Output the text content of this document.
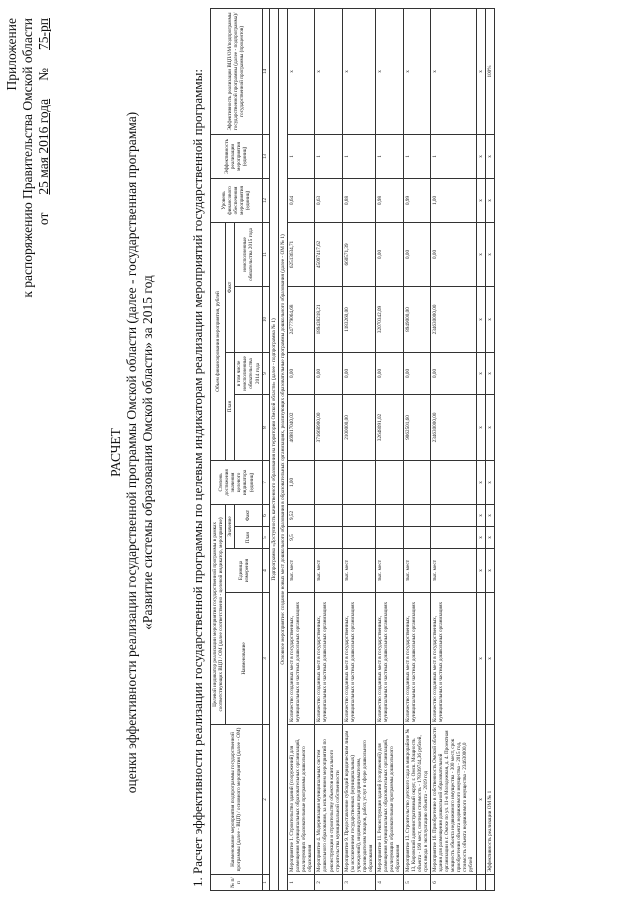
Приложение к распоряжению Правительства Омской области от
25 мая 2016 года
№
75-рп
РАСЧЕТ оценки эффективности реализации государственной программы Омской области (далее - государственная программа) «Развитие системы образования Омской области» за 2015 год	1. Расчет эффективности реализации государственной программы по целевым индикаторам реализации мероприятий государственной программы:	№ п/п	Наименование мероприятия подпрограммы государственной программы (далее - ВЦП) / основного мероприятия (далее - ОМ)	Целевой индикатор реализации мероприятия государственной программы в рамках соответствующих ВЦП / ОМ (далее соответственно - целевой индикатор, мероприятие)				Степень достижения значения целевого индикатора (единиц)	Объем финансирования мероприятия, рублей				Уровень финансового обеспечения мероприятия (единиц)	Эффективность реализации мероприятия (единиц)	Эффективность реализации ВЦП/ОМ/подпрограммы государственной программы (далее - подпрограмма)/ государственной программы (процентов)
		Наименование	Единица измерения	Значение			План		Факт				
				План	Факт			в том числе неисполненные обязательства 2014 года		неисполненные обязательства 2015 года			
1	2	3	4	5	6	7	8	9	10	11	12	13	14
Подпрограмма «Доступность качественного образования на территории Омской области» (далее - подпрограмма № 1)													
Основное мероприятие: создание новых мест дошкольного образования в образовательных организациях, реализующих образовательные программы дошкольного образования (далее - ОМ № 1)													
1	Мероприятие 1. Строительство зданий (сооружений) для размещения муниципальных образовательных организаций, реализующих образовательные программы дошкольного образования	Количество созданных мест в государственных, муниципальных и частных дошкольных организациях	тыс. мест	9,5	9,52	1,00	469817040,02	0,00	247779064,68	62513634,71	0,64	1	x
2	Мероприятие 4. Модернизация муниципальных систем дошкольного образования, за исключением мероприятий по реконструкции и строительству объектов капитального строительства муниципальной собственности	Количество созданных мест в государственных, муниципальных и частных дошкольных организациях	тыс. мест				371668900,00	0,00	189438218,21	45097417,62	0,63	1	x
3	Мероприятие 9. Предоставление субсидий юридическим лицам (за исключением государственных (муниципальных) учреждений), индивидуальным предпринимателям, производителям товаров, работ, услуг в сфере дошкольного образования	Количество созданных мест в государственных, муниципальных и частных дошкольных организациях	тыс. мест				2100000,00	0,00	1183260,00	660571,39	0,88	1	x
4	Мероприятие 11. Реконструкция зданий (сооружений) для размещения муниципальных образовательных организаций, реализующих образовательные программы дошкольного образования	Количество созданных мест в государственных, муниципальных и частных дошкольных организациях	тыс. мест				32648091,02	0,00	32070342,09	0,00	0,98	1	x
5	Мероприятие 13. Строительство детского сада в микрорайоне № 13, Кировский административный округ, г. Омск. Мощность объекта - 190 мест, сметная стоимость - 178309744,36 рублей, срок ввода в эксплуатацию объекта - 2019 год	Количество созданных мест в государственных, муниципальных и частных дошкольных организациях	тыс. мест				9062501,60	0,00	8949000,00	0,00	0,99	1	x
6	Мероприятие 16. Приобретение в собственность Омской области здания для размещения дошкольной образовательной организации в г. Омске по ул. 11-я Молодежная, д. 4. Проектная мощность объекта недвижимого имущества - 300 мест, срок приобретения объекта недвижимого имущества - 2015 год, стоимость объекта недвижимого имущества - 234630000,0 рублей	Количество созданных мест в государственных, муниципальных и частных дошкольных организациях	тыс. мест				234630000,00	0,00	234630000,00	0,00	1,00	1	x
	x	x	x	x	x	x	x	x	x	x	x	x	x
	Эффективность реализации ОМ № 1	x	x	x	x	x	x	x	x	x	x	x	100%
